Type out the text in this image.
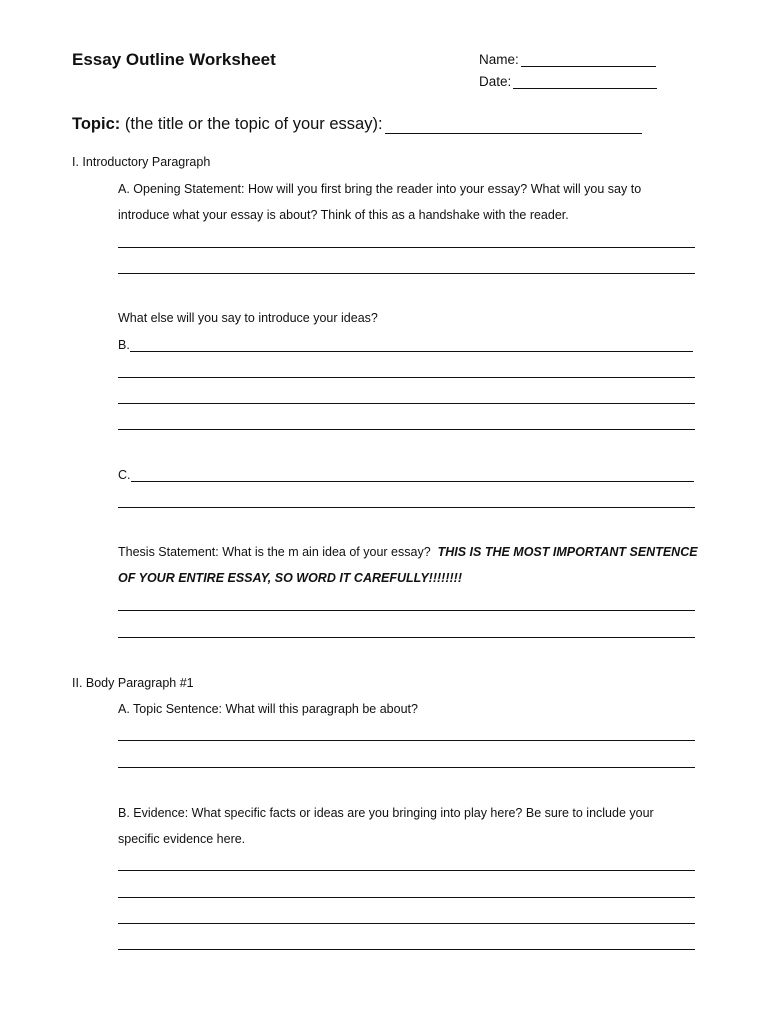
Essay Outline Worksheet	Name:
Date:
Topic: (the title or the topic of your essay):
I. Introductory Paragraph
A. Opening Statement: How will you first bring the reader into your essay? What will you say to
introduce what your essay is about? Think of this as a handshake with the reader.
What else will you say to introduce your ideas?
B.
C.
Thesis Statement: What is the m ain idea of your essay?  THIS IS THE MOST IMPORTANT SENTENCE
OF YOUR ENTIRE ESSAY, SO WORD IT CAREFULLY!!!!!!!!
II. Body Paragraph #1
A. Topic Sentence: What will this paragraph be about?
B. Evidence: What specific facts or ideas are you bringing into play here? Be sure to include your
specific evidence here.
